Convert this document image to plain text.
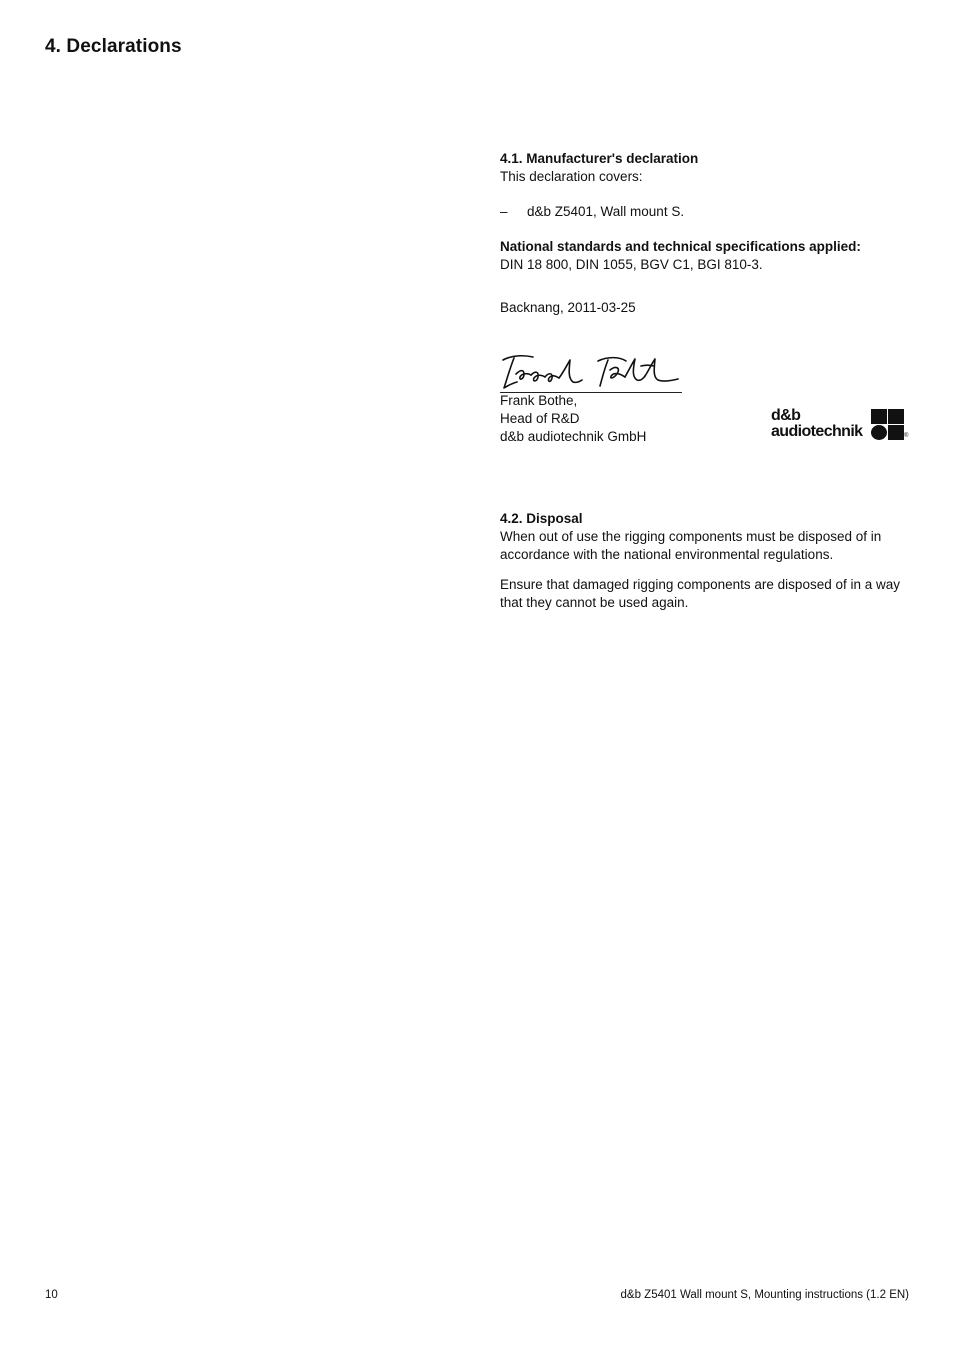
4. Declarations

4.1. Manufacturer's declaration

This declaration covers:

– d&b Z5401, Wall mount S.

National standards and technical specifications applied:

DIN 18 800, DIN 1055, BGV C1, BGI 810-3.

Backnang, 2011-03-25

Frank Bothe,

Head of R&D

d&b audiotechnik GmbH

d&b
audiotechnik	®

4.2. Disposal

When out of use the rigging components must be disposed of in accordance with the national environmental regulations.

Ensure that damaged rigging components are disposed of in a way that they cannot be used again.

10	d&b Z5401 Wall mount S, Mounting instructions (1.2 EN)
